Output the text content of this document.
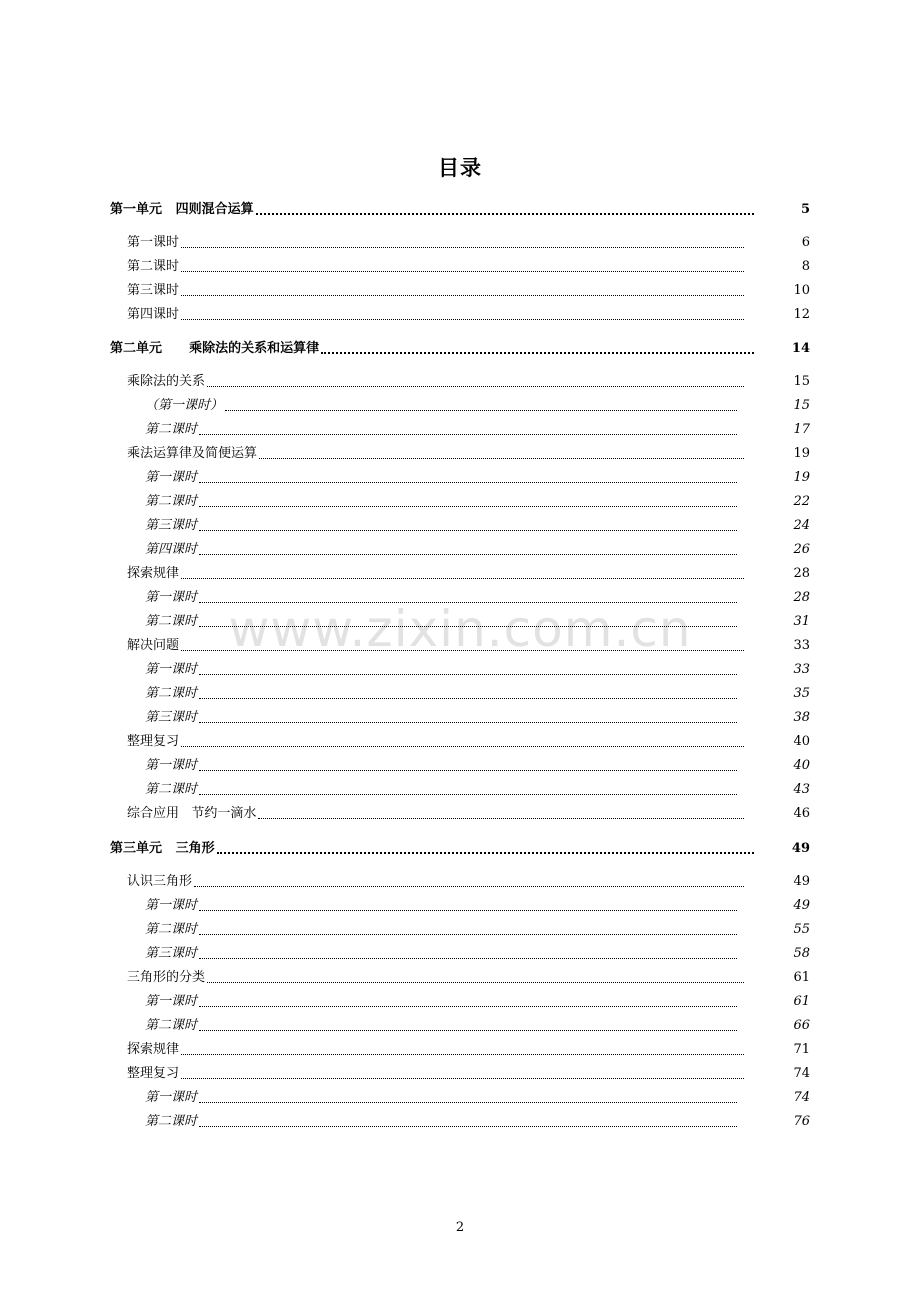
目录
www.zixin.com.cn
第一单元   四则混合运算	5
第一课时	6
第二课时	8
第三课时	10
第四课时	12
第二单元      乘除法的关系和运算律	14
乘除法的关系	15
（第一课时）	15
第二课时	17
乘法运算律及简便运算	19
第一课时	19
第二课时	22
第三课时	24
第四课时	26
探索规律	28
第一课时	28
第二课时	31
解决问题	33
第一课时	33
第二课时	35
第三课时	38
整理复习	40
第一课时	40
第二课时	43
综合应用   节约一滴水	46
第三单元   三角形	49
认识三角形	49
第一课时	49
第二课时	55
第三课时	58
三角形的分类	61
第一课时	61
第二课时	66
探索规律	71
整理复习	74
第一课时	74
第二课时	76
2
